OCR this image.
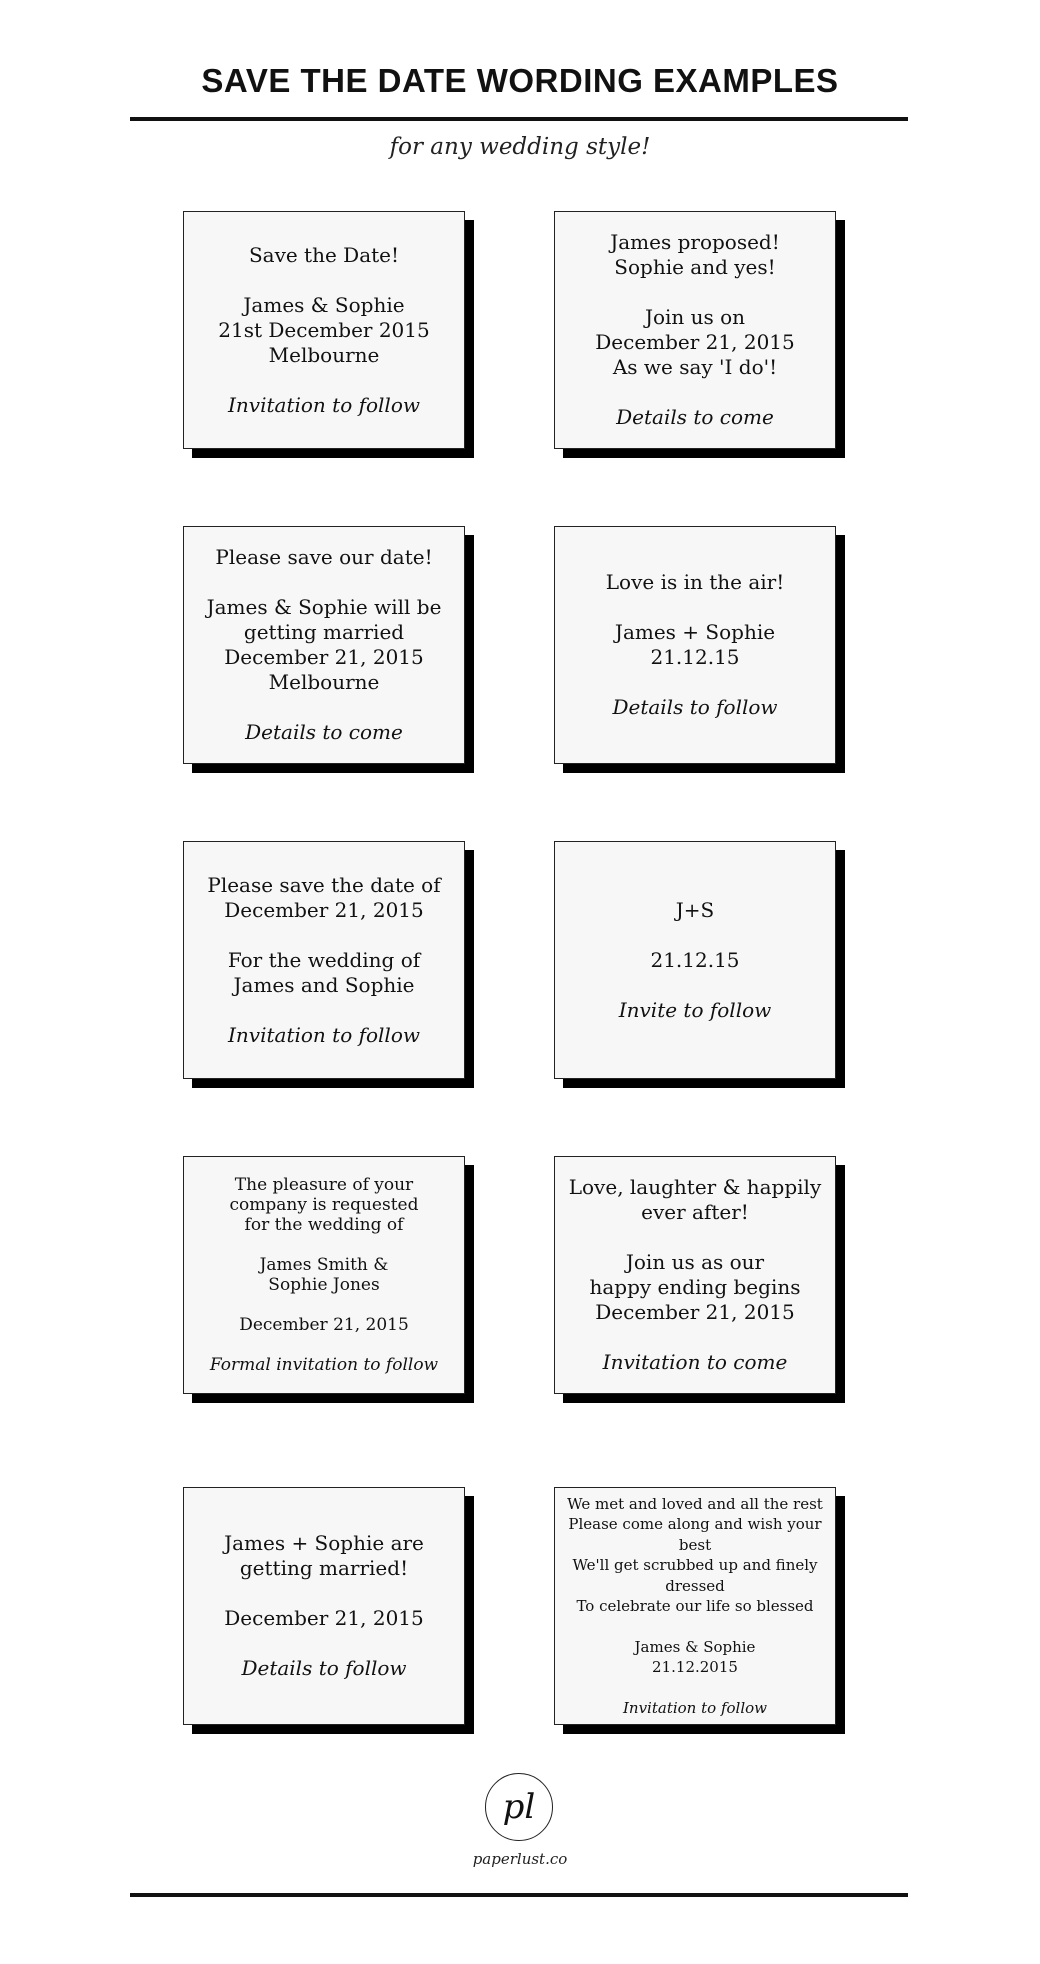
SAVE THE DATE WORDING EXAMPLES
for any wedding style!
Save the Date!
James & Sophie
21st December 2015
Melbourne
Invitation to follow
James proposed!
Sophie and yes!
Join us on
December 21, 2015
As we say 'I do'!
Details to come
Please save our date!
James & Sophie will be
getting married
December 21, 2015
Melbourne
Details to come
Love is in the air!
James + Sophie
21.12.15
Details to follow
Please save the date of
December 21, 2015
For the wedding of
James and Sophie
Invitation to follow
J+S
21.12.15
Invite to follow
The pleasure of your
company is requested
for the wedding of
James Smith &
Sophie Jones
December 21, 2015
Formal invitation to follow
Love, laughter & happily
ever after!
Join us as our
happy ending begins
December 21, 2015
Invitation to come
James + Sophie are
getting married!
December 21, 2015
Details to follow
We met and loved and all the rest
Please come along and wish your best
We'll get scrubbed up and finely dressed
To celebrate our life so blessed
James & Sophie
21.12.2015
Invitation to follow
pl
paperlust.co
